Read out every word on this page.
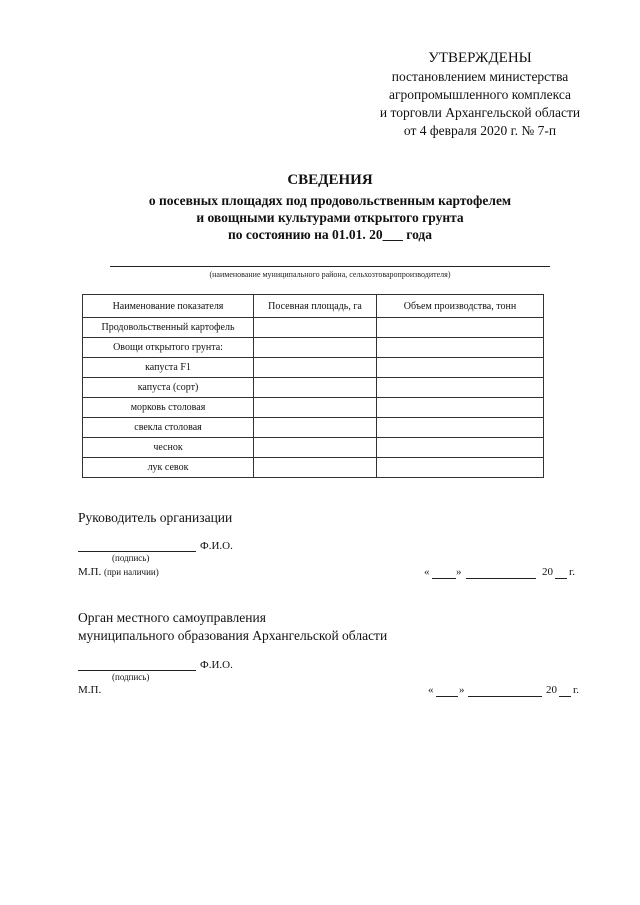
УТВЕРЖДЕНЫ
постановлением министерства
агропромышленного комплекса
и торговли Архангельской области
от 4 февраля 2020 г. № 7-п
СВЕДЕНИЯ
о посевных площадях под продовольственным картофелем
и овощными культурами открытого грунта
по состоянию на 01.01. 20___ года
(наименование муниципального района, сельхозтоваропроизводителя)
Наименование показателя	Посевная площадь, га	Объем производства, тонн
Продовольственный картофель		
Овощи открытого грунта:		
капуста F1		
капуста (сорт)		
морковь столовая		
свекла столовая		
чеснок		
лук севок		
Руководитель организации
Ф.И.О.
(подпись)
М.П. (при наличии)	« »	20 г.
Орган местного самоуправления
муниципального образования Архангельской области
Ф.И.О.
(подпись)
М.П.	« »	20 г.
